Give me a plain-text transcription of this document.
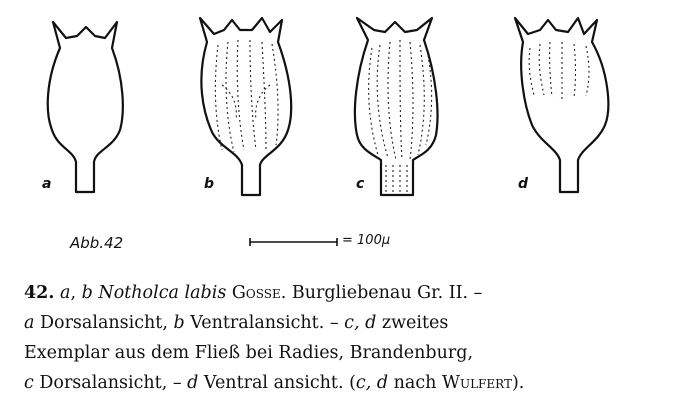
a	b	c	d
Abb.42	= 100μ

42. a, b Notholca labis Gosse. Burgliebenau Gr. II. –

a Dorsalansicht, b Ventralansicht. – c, d zweites

Exemplar aus dem Fließ bei Radies, Brandenburg,

c Dorsalansicht, – d Ventral ansicht. (c, d nach Wulfert).
